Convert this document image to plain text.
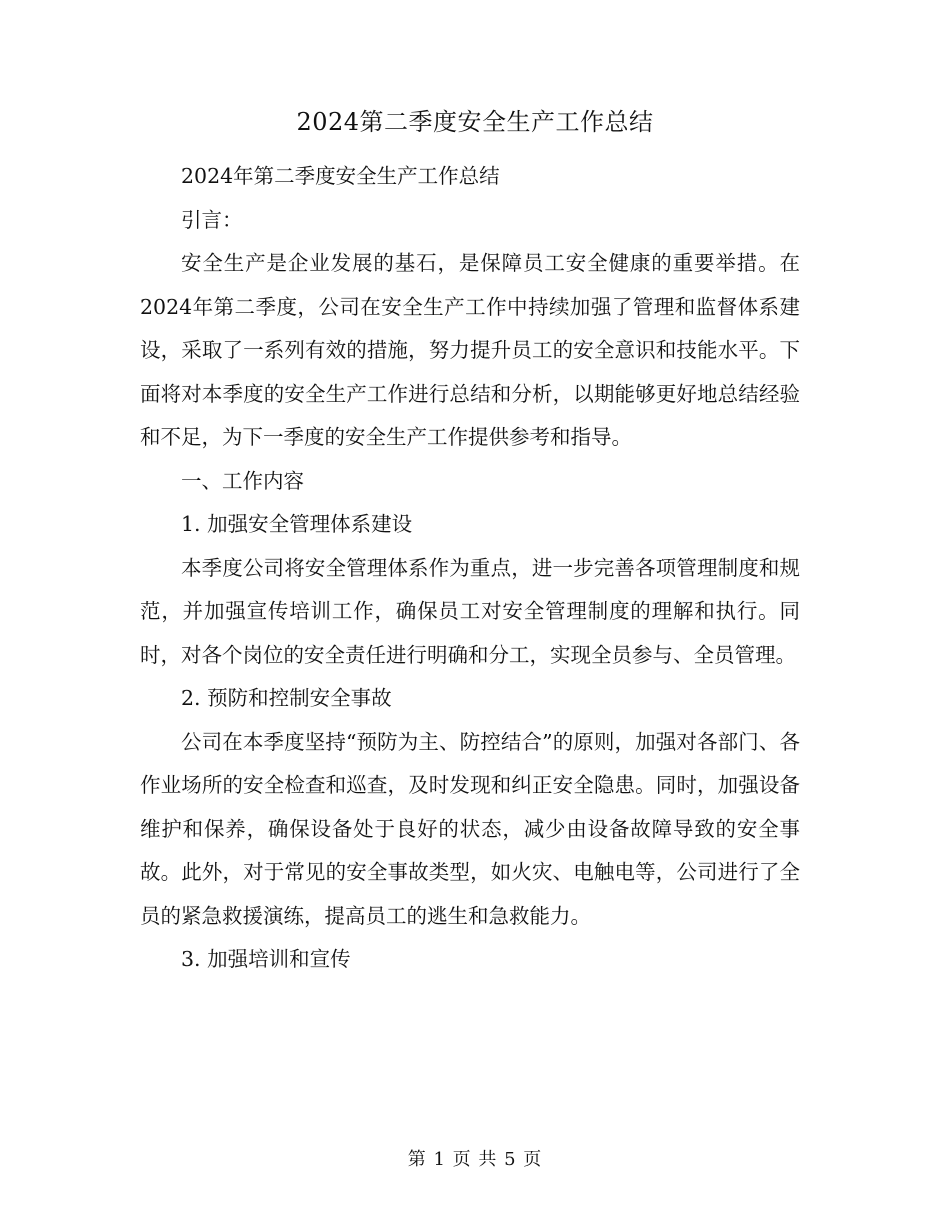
2024第二季度安全生产工作总结

2024年第二季度安全生产工作总结

引言：

安全生产是企业发展的基石，是保障员工安全健康的重要举措。在2024年第二季度，公司在安全生产工作中持续加强了管理和监督体系建设，采取了一系列有效的措施，努力提升员工的安全意识和技能水平。下面将对本季度的安全生产工作进行总结和分析，以期能够更好地总结经验和不足，为下一季度的安全生产工作提供参考和指导。

一、工作内容

1. 加强安全管理体系建设

本季度公司将安全管理体系作为重点，进一步完善各项管理制度和规范，并加强宣传培训工作，确保员工对安全管理制度的理解和执行。同时，对各个岗位的安全责任进行明确和分工，实现全员参与、全员管理。

2. 预防和控制安全事故

公司在本季度坚持“预防为主、防控结合”的原则，加强对各部门、各作业场所的安全检查和巡查，及时发现和纠正安全隐患。同时，加强设备维护和保养，确保设备处于良好的状态，减少由设备故障导致的安全事故。此外，对于常见的安全事故类型，如火灾、电触电等，公司进行了全员的紧急救援演练，提高员工的逃生和急救能力。

3. 加强培训和宣传

第 1 页 共 5 页
